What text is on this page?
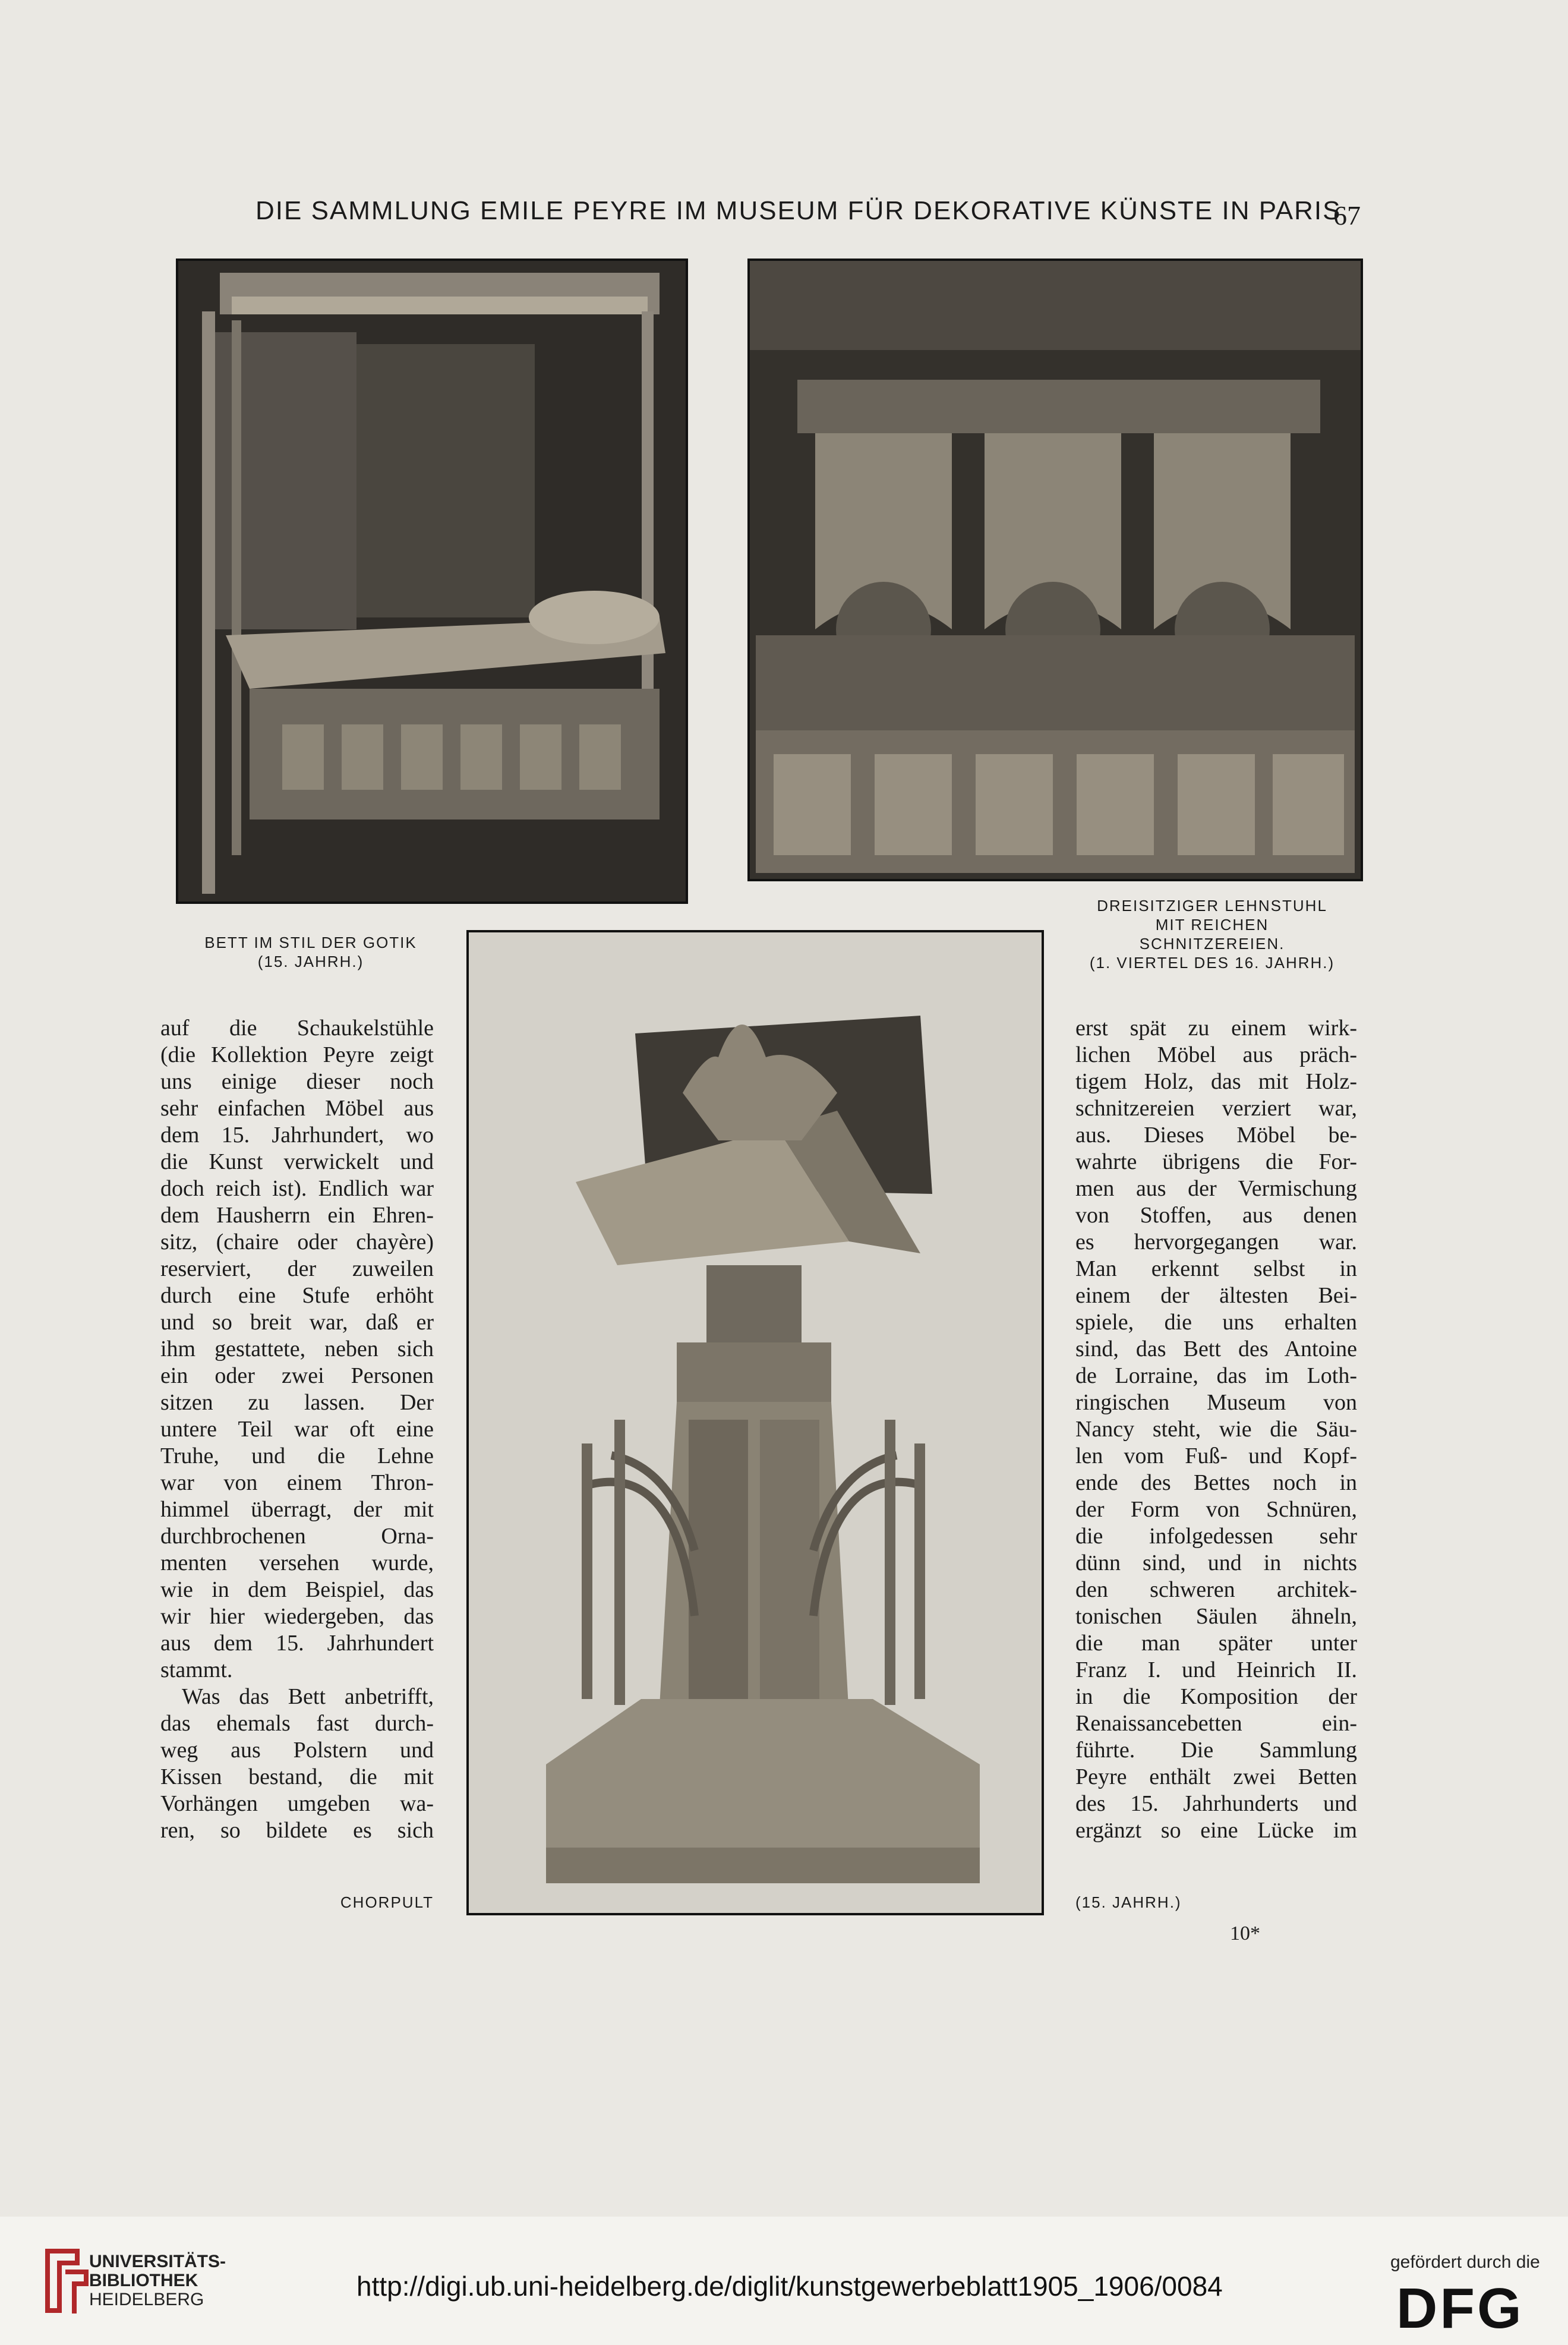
DIE SAMMLUNG EMILE PEYRE IM MUSEUM FÜR DEKORATIVE KÜNSTE IN PARIS
67
BETT IM STIL DER GOTIK
(15. JAHRH.)
DREISITZIGER LEHNSTUHL
MIT REICHEN
SCHNITZEREIEN.
(1. VIERTEL DES 16. JAHRH.)
auf die Schaukelstühle
(die Kollektion Peyre zeigt
uns einige dieser noch
sehr einfachen Möbel aus
dem 15. Jahrhundert, wo
die Kunst verwickelt und
doch reich ist). Endlich war
dem Hausherrn ein Ehren-
sitz, (chaire oder chayère)
reserviert, der zuweilen
durch eine Stufe erhöht
und so breit war, daß er
ihm gestattete, neben sich
ein oder zwei Personen
sitzen zu lassen. Der
untere Teil war oft eine
Truhe, und die Lehne
war von einem Thron-
himmel überragt, der mit
durchbrochenen Orna-
menten versehen wurde,
wie in dem Beispiel, das
wir hier wiedergeben, das
aus dem 15. Jahrhundert
stammt.
Was das Bett anbetrifft,
das ehemals fast durch-
weg aus Polstern und
Kissen bestand, die mit
Vorhängen umgeben wa-
ren, so bildete es sich
erst spät zu einem wirk-
lichen Möbel aus präch-
tigem Holz, das mit Holz-
schnitzereien verziert war,
aus. Dieses Möbel be-
wahrte übrigens die For-
men aus der Vermischung
von Stoffen, aus denen
es hervorgegangen war.
Man erkennt selbst in
einem der ältesten Bei-
spiele, die uns erhalten
sind, das Bett des Antoine
de Lorraine, das im Loth-
ringischen Museum von
Nancy steht, wie die Säu-
len vom Fuß- und Kopf-
ende des Bettes noch in
der Form von Schnüren,
die infolgedessen sehr
dünn sind, und in nichts
den schweren architek-
tonischen Säulen ähneln,
die man später unter
Franz I. und Heinrich II.
in die Komposition der
Renaissancebetten ein-
führte. Die Sammlung
Peyre enthält zwei Betten
des 15. Jahrhunderts und
ergänzt so eine Lücke im
CHORPULT	(15. JAHRH.)
10*
UNIVERSITÄTS-
BIBLIOTHEK
HEIDELBERG	http://digi.ub.uni-heidelberg.de/diglit/kunstgewerbeblatt1905_1906/0084
gefördert durch die
DFG
